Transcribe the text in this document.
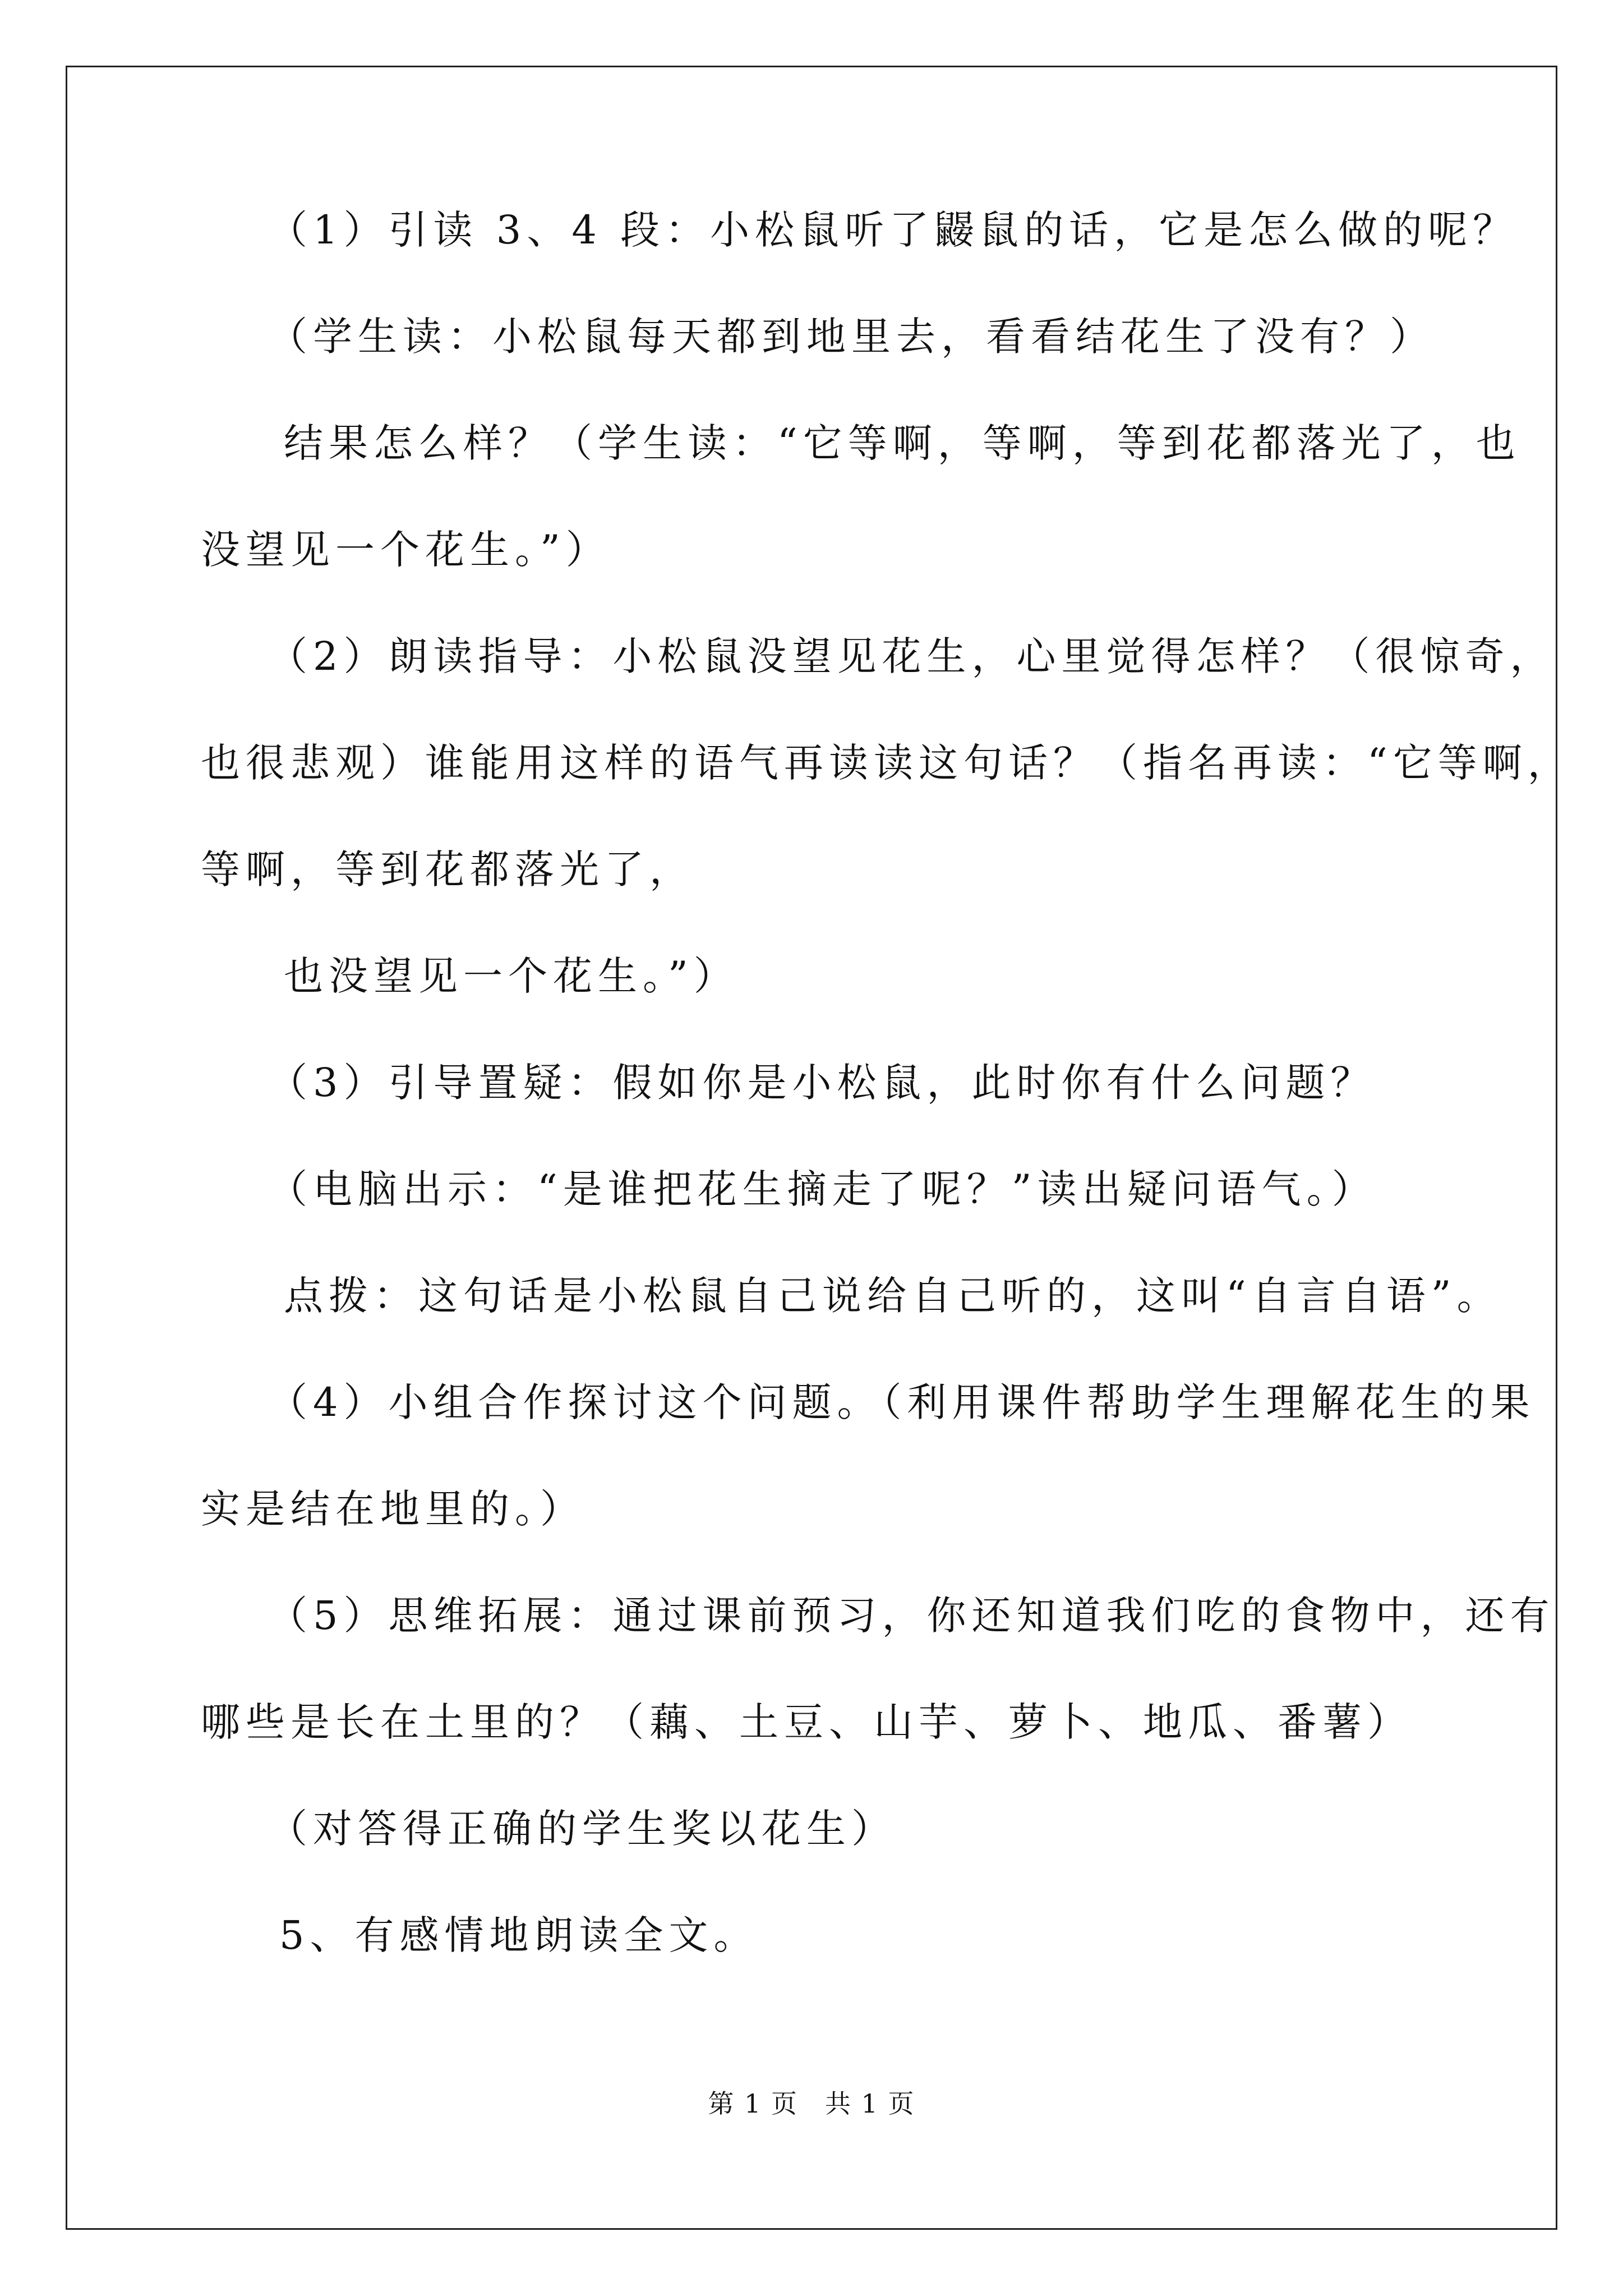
（1）引读 3、4 段：小松鼠听了鼹鼠的话，它是怎么做的呢？
（学生读：小松鼠每天都到地里去，看看结花生了没有？）
结果怎么样？（学生读：“它等啊，等啊，等到花都落光了，也
没望见一个花生。”）
（2）朗读指导：小松鼠没望见花生，心里觉得怎样？（很惊奇，
也很悲观）谁能用这样的语气再读读这句话？（指名再读：“它等啊，
等啊，等到花都落光了，
也没望见一个花生。”）
（3）引导置疑：假如你是小松鼠，此时你有什么问题？
（电脑出示：“是谁把花生摘走了呢？”读出疑问语气。）
点拨：这句话是小松鼠自己说给自己听的，这叫“自言自语”。
（4）小组合作探讨这个问题。（利用课件帮助学生理解花生的果
实是结在地里的。）
（5）思维拓展：通过课前预习，你还知道我们吃的食物中，还有
哪些是长在土里的？（藕、土豆、山芋、萝卜、地瓜、番薯）
（对答得正确的学生奖以花生）
5、有感情地朗读全文。
第 1 页　共 1 页
